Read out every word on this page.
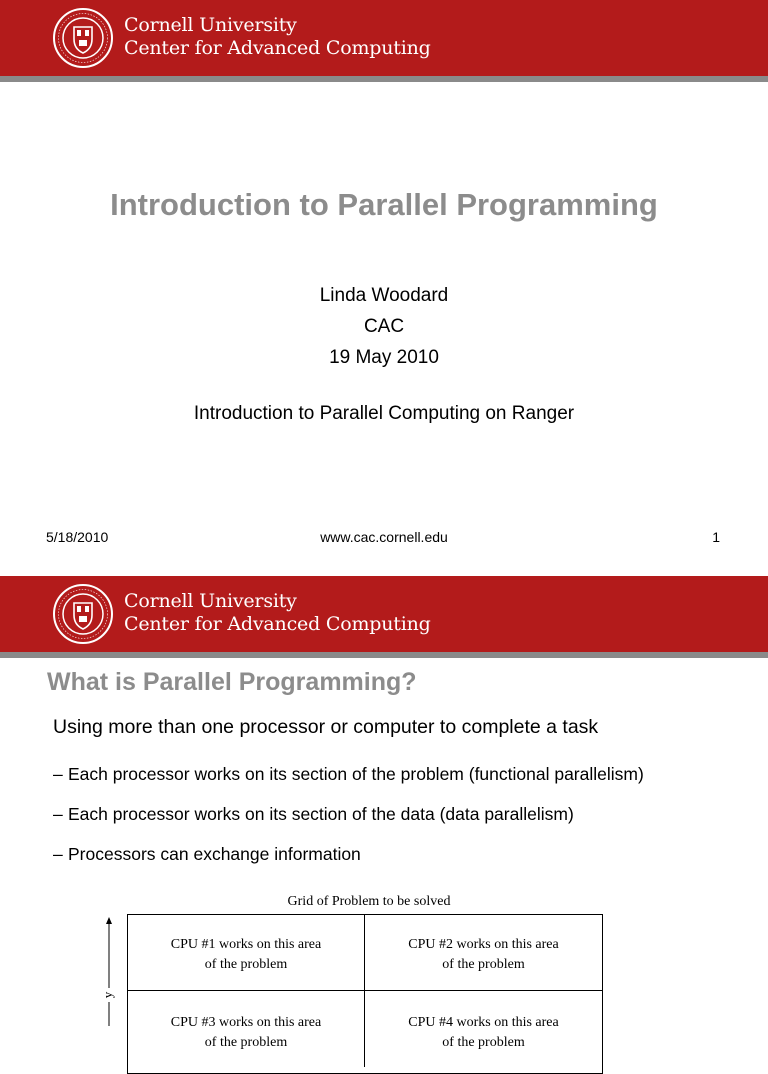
Cornell University
Center for Advanced Computing
Introduction to Parallel Programming
Linda Woodard
CAC
19 May 2010
Introduction to Parallel Computing on Ranger
5/18/2010	www.cac.cornell.edu	1
Cornell University
Center for Advanced Computing
What is Parallel Programming?
Using more than one processor or computer to complete a task
– Each processor works on its section of the problem (functional parallelism)
– Each processor works on its section of the data (data parallelism)
– Processors can exchange information
Grid of Problem to be solved
y
CPU #1 works on this area
of the problem
CPU #2 works on this area
of the problem
CPU #3 works on this area
of the problem
CPU #4 works on this area
of the problem
